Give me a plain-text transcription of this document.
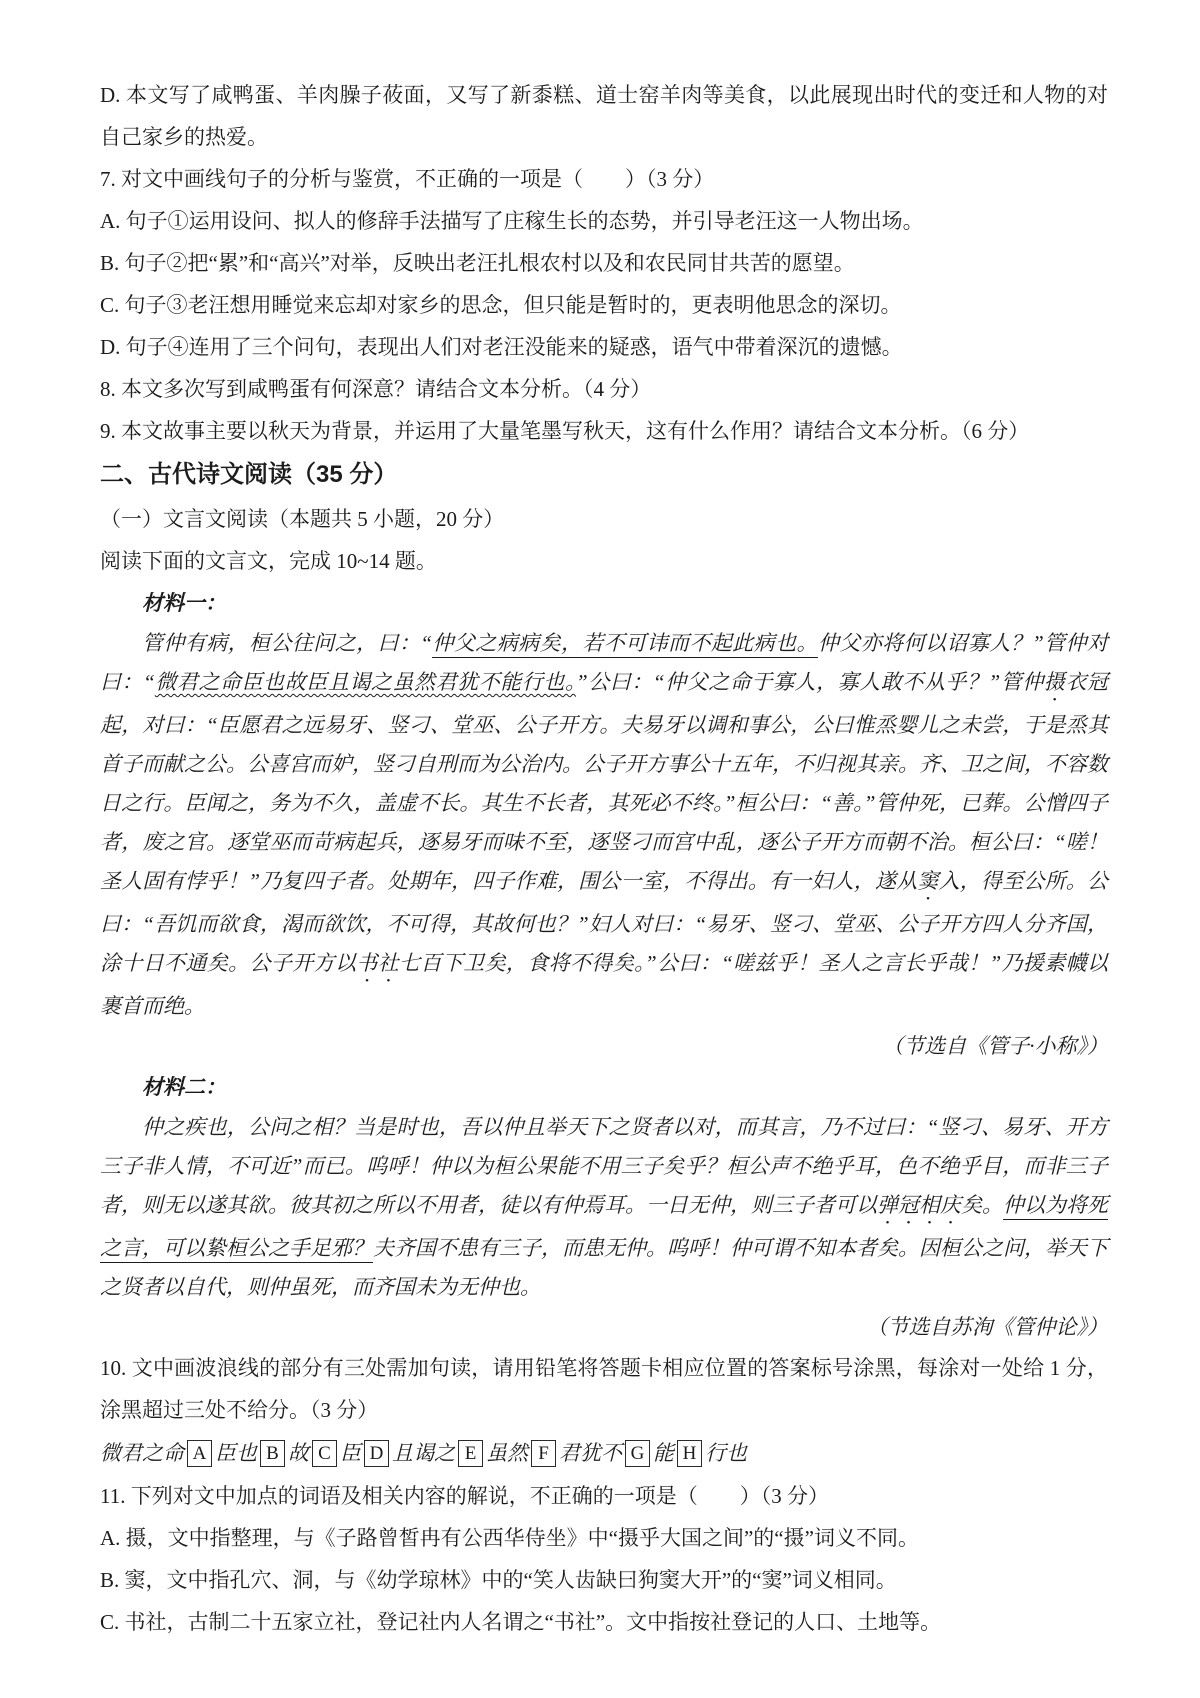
D. 本文写了咸鸭蛋、羊肉臊子莜面，又写了新黍糕、道士窑羊肉等美食，以此展现出时代的变迁和人物的对自己家乡的热爱。

7. 对文中画线句子的分析与鉴赏，不正确的一项是（　　）（3 分）

A. 句子①运用设问、拟人的修辞手法描写了庄稼生长的态势，并引导老汪这一人物出场。

B. 句子②把“累”和“高兴”对举，反映出老汪扎根农村以及和农民同甘共苦的愿望。

C. 句子③老汪想用睡觉来忘却对家乡的思念，但只能是暂时的，更表明他思念的深切。

D. 句子④连用了三个问句，表现出人们对老汪没能来的疑惑，语气中带着深沉的遗憾。

8. 本文多次写到咸鸭蛋有何深意？请结合文本分析。（4 分）

9. 本文故事主要以秋天为背景，并运用了大量笔墨写秋天，这有什么作用？请结合文本分析。（6 分）

二、古代诗文阅读（35 分）

（一）文言文阅读（本题共 5 小题，20 分）

阅读下面的文言文，完成 10~14 题。

材料一：

管仲有病，桓公往问之，曰：“仲父之病病矣，若不可讳而不起此病也。仲父亦将何以诏寡人？”管仲对曰：“微君之命臣也故臣且谒之虽然君犹不能行也。”公曰：“仲父之命于寡人，寡人敢不从乎？”管仲摄衣冠起，对曰：“臣愿君之远易牙、竖刁、堂巫、公子开方。夫易牙以调和事公，公曰惟烝婴儿之未尝，于是烝其首子而献之公。公喜宫而妒，竖刁自刑而为公治内。公子开方事公十五年，不归视其亲。齐、卫之间，不容数日之行。臣闻之，务为不久，盖虚不长。其生不长者，其死必不终。”桓公曰：“善。”管仲死，已葬。公憎四子者，废之官。逐堂巫而苛病起兵，逐易牙而味不至，逐竖刁而宫中乱，逐公子开方而朝不治。桓公曰：“嗟！圣人固有悖乎！”乃复四子者。处期年，四子作难，围公一室，不得出。有一妇人，遂从窦入，得至公所。公曰：“吾饥而欲食，渴而欲饮，不可得，其故何也？”妇人对曰：“易牙、竖刁、堂巫、公子开方四人分齐国，涂十日不通矣。公子开方以书社七百下卫矣，食将不得矣。”公曰：“嗟兹乎！圣人之言长乎哉！”乃援素幭以裹首而绝。

（节选自《管子·小称》）

材料二：

仲之疾也，公问之相？当是时也，吾以仲且举天下之贤者以对，而其言，乃不过曰：“竖刁、易牙、开方三子非人情，不可近”而已。呜呼！仲以为桓公果能不用三子矣乎？桓公声不绝乎耳，色不绝乎目，而非三子者，则无以遂其欲。彼其初之所以不用者，徒以有仲焉耳。一日无仲，则三子者可以弹冠相庆矣。仲以为将死之言，可以絷桓公之手足邪？夫齐国不患有三子，而患无仲。呜呼！仲可谓不知本者矣。因桓公之问，举天下之贤者以自代，则仲虽死，而齐国未为无仲也。

（节选自苏洵《管仲论》）

10. 文中画波浪线的部分有三处需加句读，请用铅笔将答题卡相应位置的答案标号涂黑，每涂对一处给 1 分，涂黑超过三处不给分。（3 分）

微君之命 A 臣也 B 故 C 臣 D 且谒之 E 虽然 F 君犹不 G 能 H 行也

11. 下列对文中加点的词语及相关内容的解说，不正确的一项是（　　）（3 分）

A. 摄，文中指整理，与《子路曾皙冉有公西华侍坐》中“摄乎大国之间”的“摄”词义不同。

B. 窦，文中指孔穴、洞，与《幼学琼林》中的“笑人齿缺曰狗窦大开”的“窦”词义相同。

C. 书社，古制二十五家立社，登记社内人名谓之“书社”。文中指按社登记的人口、土地等。
